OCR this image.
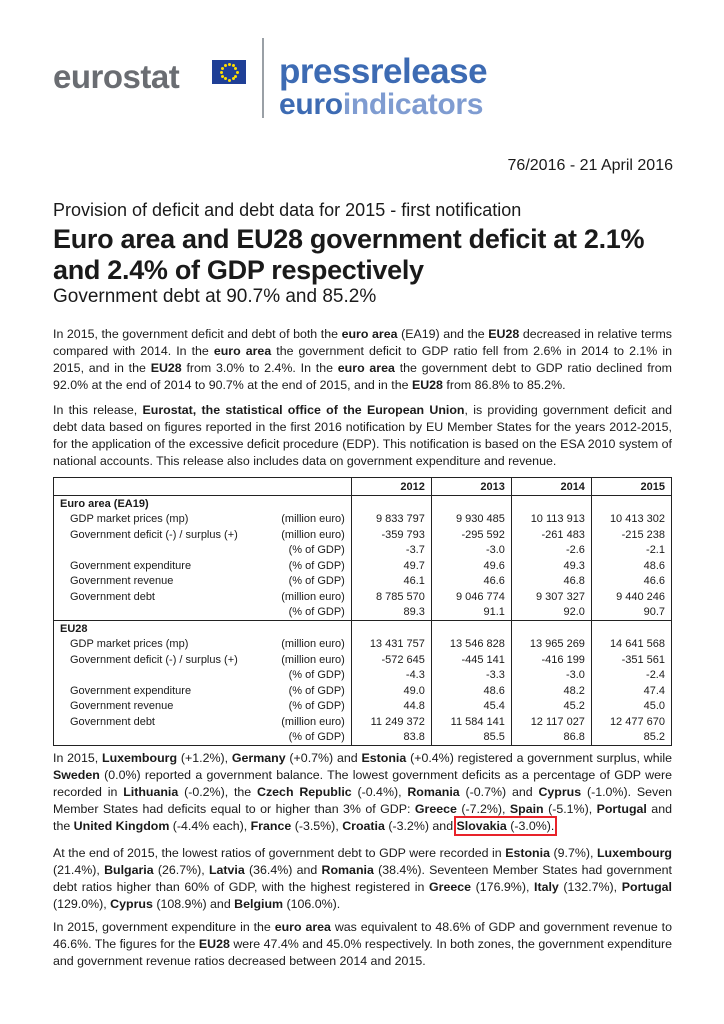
eurostat	pressrelease
euroindicators
76/2016 - 21 April 2016
Provision of deficit and debt data for 2015 - first notification
Euro area and EU28 government deficit at 2.1% and 2.4% of GDP respectively
Government debt at 90.7% and 85.2%
In 2015, the government deficit and debt of both the euro area (EA19) and the EU28 decreased in relative terms compared with 2014. In the euro area the government deficit to GDP ratio fell from 2.6% in 2014 to 2.1% in 2015, and in the EU28 from 3.0% to 2.4%. In the euro area the government debt to GDP ratio declined from 92.0% at the end of 2014 to 90.7% at the end of 2015, and in the EU28 from 86.8% to 85.2%.
In this release, Eurostat, the statistical office of the European Union, is providing government deficit and debt data based on figures reported in the first 2016 notification by EU Member States for the years 2012-2015, for the application of the excessive deficit procedure (EDP). This notification is based on the ESA 2010 system of national accounts. This release also includes data on government expenditure and revenue.
		2012	2013	2014	2015
Euro area (EA19)					
GDP market prices (mp)	(million euro)	9 833 797	9 930 485	10 113 913	10 413 302
Government deficit (-) / surplus (+)	(million euro)	-359 793	-295 592	-261 483	-215 238
	(% of GDP)	-3.7	-3.0	-2.6	-2.1
Government expenditure	(% of GDP)	49.7	49.6	49.3	48.6
Government revenue	(% of GDP)	46.1	46.6	46.8	46.6
Government debt	(million euro)	8 785 570	9 046 774	9 307 327	9 440 246
	(% of GDP)	89.3	91.1	92.0	90.7
EU28					
GDP market prices (mp)	(million euro)	13 431 757	13 546 828	13 965 269	14 641 568
Government deficit (-) / surplus (+)	(million euro)	-572 645	-445 141	-416 199	-351 561
	(% of GDP)	-4.3	-3.3	-3.0	-2.4
Government expenditure	(% of GDP)	49.0	48.6	48.2	47.4
Government revenue	(% of GDP)	44.8	45.4	45.2	45.0
Government debt	(million euro)	11 249 372	11 584 141	12 117 027	12 477 670
	(% of GDP)	83.8	85.5	86.8	85.2
In 2015, Luxembourg (+1.2%), Germany (+0.7%) and Estonia (+0.4%) registered a government surplus, while Sweden (0.0%) reported a government balance. The lowest government deficits as a percentage of GDP were recorded in Lithuania (-0.2%), the Czech Republic (-0.4%), Romania (-0.7%) and Cyprus (-1.0%). Seven Member States had deficits equal to or higher than 3% of GDP: Greece (-7.2%), Spain (-5.1%), Portugal and the United Kingdom (-4.4% each), France (-3.5%), Croatia (-3.2%) and Slovakia (-3.0%).
At the end of 2015, the lowest ratios of government debt to GDP were recorded in Estonia (9.7%), Luxembourg (21.4%), Bulgaria (26.7%), Latvia (36.4%) and Romania (38.4%). Seventeen Member States had government debt ratios higher than 60% of GDP, with the highest registered in Greece (176.9%), Italy (132.7%), Portugal (129.0%), Cyprus (108.9%) and Belgium (106.0%).
In 2015, government expenditure in the euro area was equivalent to 48.6% of GDP and government revenue to 46.6%. The figures for the EU28 were 47.4% and 45.0% respectively. In both zones, the government expenditure and government revenue ratios decreased between 2014 and 2015.
